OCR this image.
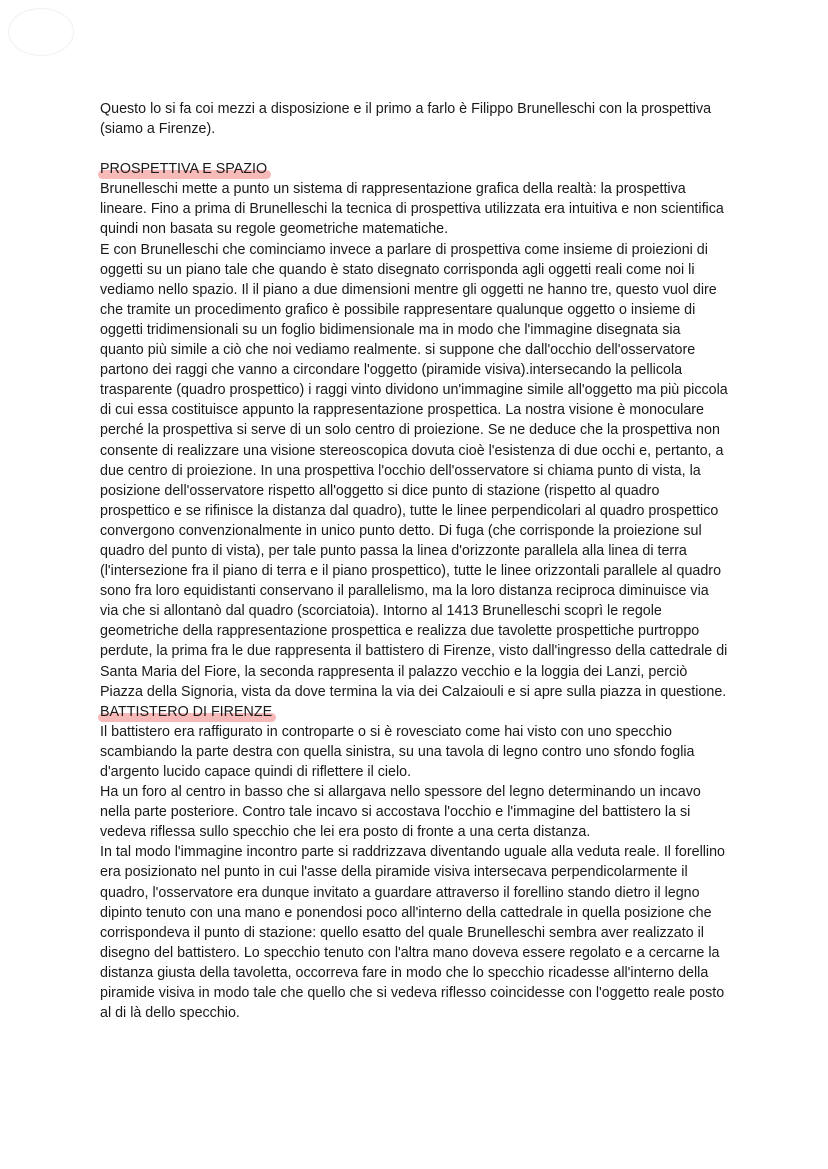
Questo lo si fa coi mezzi a disposizione e il primo a farlo è Filippo Brunelleschi con la prospettiva (siamo a Firenze).

PROSPETTIVA E SPAZIO

Brunelleschi mette a punto un sistema di rappresentazione grafica della realtà: la prospettiva lineare. Fino a prima di Brunelleschi la tecnica di prospettiva utilizzata era intuitiva e non scientifica quindi non basata su regole geometriche matematiche.

E con Brunelleschi che cominciamo invece a parlare di prospettiva come insieme di proiezioni di oggetti su un piano tale che quando è stato disegnato corrisponda agli oggetti reali come noi li vediamo nello spazio. Il il piano a due dimensioni mentre gli oggetti ne hanno tre, questo vuol dire che tramite un procedimento grafico è possibile rappresentare qualunque oggetto o insieme di oggetti tridimensionali su un foglio bidimensionale ma in modo che l'immagine disegnata sia quanto più simile a ciò che noi vediamo realmente. si suppone che dall'occhio dell'osservatore partono dei raggi che vanno a circondare l'oggetto (piramide visiva).intersecando la pellicola trasparente (quadro prospettico) i raggi vinto dividono un'immagine simile all'oggetto ma più piccola di cui essa costituisce appunto la rappresentazione prospettica. La nostra visione è monoculare perché la prospettiva si serve di un solo centro di proiezione. Se ne deduce che la prospettiva non consente di realizzare una visione stereoscopica dovuta cioè l'esistenza di due occhi e, pertanto, a due centro di proiezione. In una prospettiva l'occhio dell'osservatore si chiama punto di vista, la posizione dell'osservatore rispetto all'oggetto si dice punto di stazione (rispetto al quadro prospettico e se rifinisce la distanza dal quadro), tutte le linee perpendicolari al quadro prospettico convergono convenzionalmente in unico punto detto. Di fuga (che corrisponde la proiezione sul quadro del punto di vista), per tale punto passa la linea d'orizzonte parallela alla linea di terra (l'intersezione fra il piano di terra e il piano prospettico), tutte le linee orizzontali parallele al quadro sono fra loro equidistanti conservano il parallelismo, ma la loro distanza reciproca diminuisce via via che si allontanò dal quadro (scorciatoia). Intorno al 1413 Brunelleschi scoprì le regole geometriche della rappresentazione prospettica e realizza due tavolette prospettiche purtroppo perdute, la prima fra le due rappresenta il battistero di Firenze, visto dall'ingresso della cattedrale di Santa Maria del Fiore, la seconda rappresenta il palazzo vecchio e la loggia dei Lanzi, perciò Piazza della Signoria, vista da dove termina la via dei Calzaiouli e si apre sulla piazza in questione.

BATTISTERO DI FIRENZE

Il battistero era raffigurato in controparte o si è rovesciato come hai visto con uno specchio scambiando la parte destra con quella sinistra, su una tavola di legno contro uno sfondo foglia d'argento lucido capace quindi di riflettere il cielo.

Ha un foro al centro in basso che si allargava nello spessore del legno determinando un incavo nella parte posteriore. Contro tale incavo si accostava l'occhio e l'immagine del battistero la si vedeva riflessa sullo specchio che lei era posto di fronte a una certa distanza.

In tal modo l'immagine incontro parte si raddrizzava diventando uguale alla veduta reale. Il forellino era posizionato nel punto in cui l'asse della piramide visiva intersecava perpendicolarmente il quadro, l'osservatore era dunque invitato a guardare attraverso il forellino stando dietro il legno dipinto tenuto con una mano e ponendosi poco all'interno della cattedrale in quella posizione che corrispondeva il punto di stazione: quello esatto del quale Brunelleschi sembra aver realizzato il disegno del battistero. Lo specchio tenuto con l'altra mano doveva essere regolato e a cercarne la distanza giusta della tavoletta, occorreva fare in modo che lo specchio ricadesse all'interno della piramide visiva in modo tale che quello che si vedeva riflesso coincidesse con l'oggetto reale posto al di là dello specchio.
